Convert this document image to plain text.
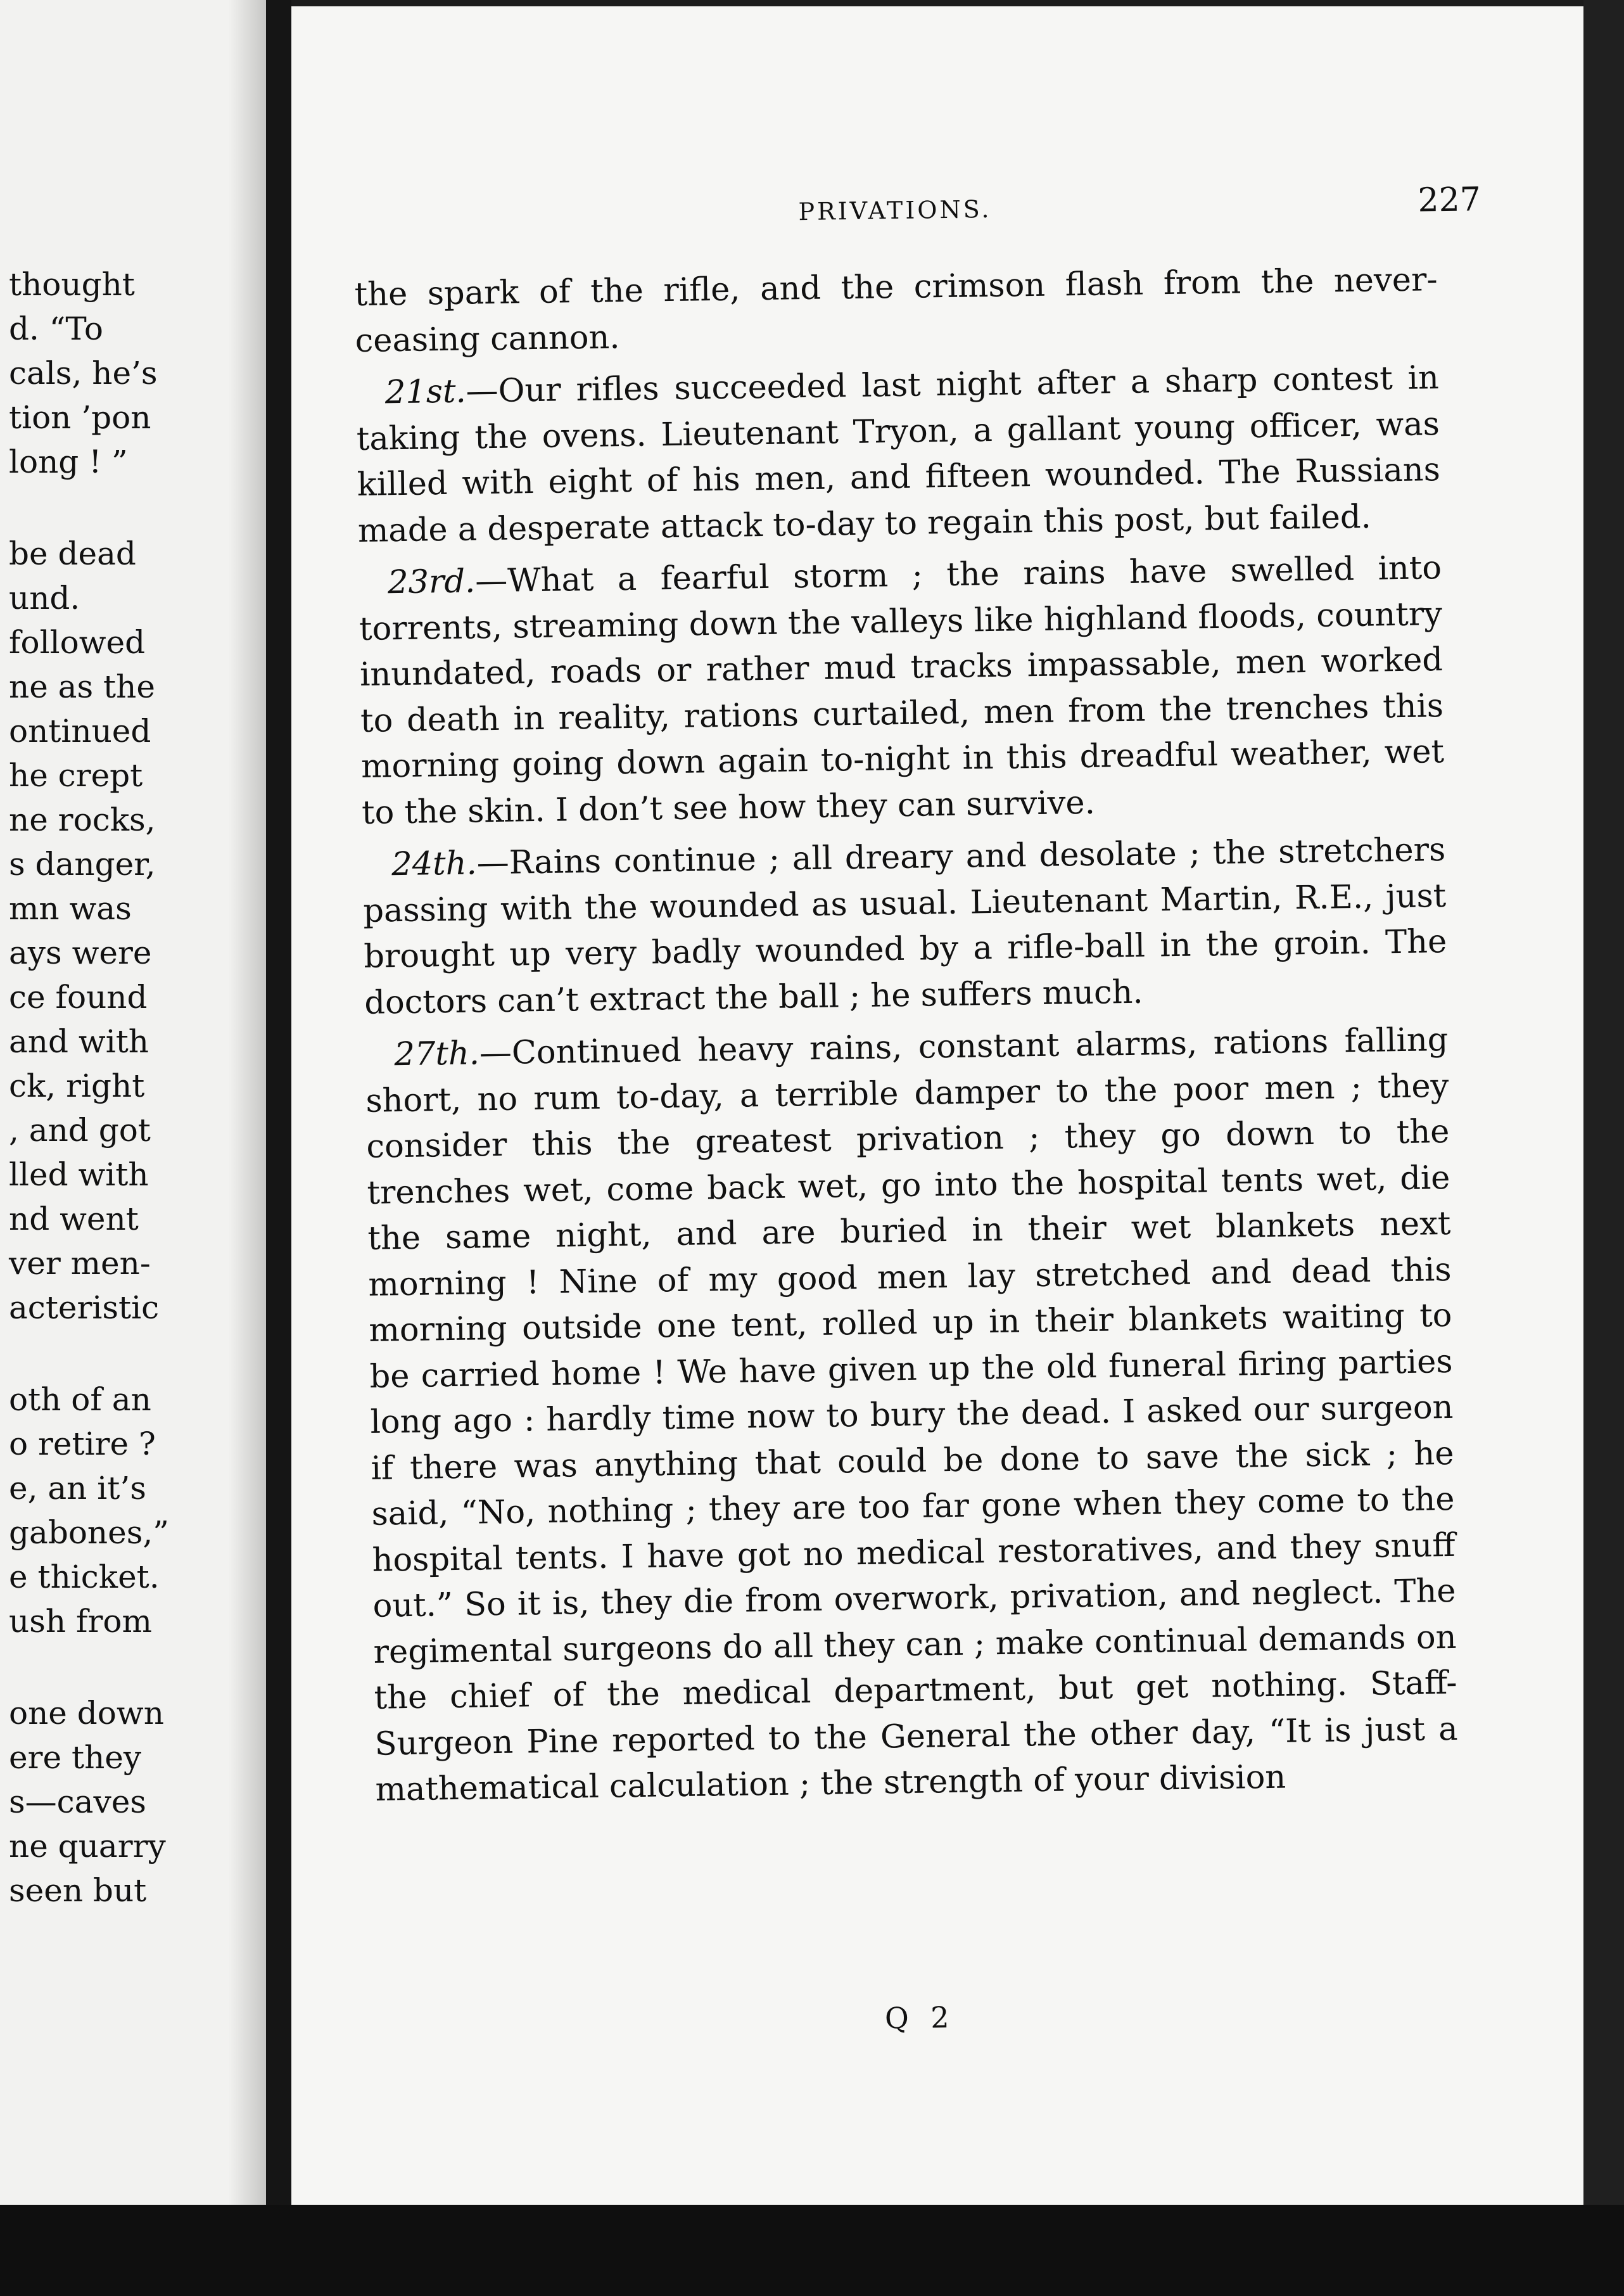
thought
d. “To
cals, he’s
tion ’pon
long ! ”
be dead
und.
followed
ne as the
ontinued
he crept
ne rocks,
s danger,
mn was
ays were
ce found
and with
ck, right
, and got
lled with
nd went
ver men-
acteristic
oth of an
o retire ?
e, an it’s
gabones,”
e thicket.
ush from
one down
ere they
s—caves
ne quarry
seen but
PRIVATIONS.	227

the spark of the rifle, and the crimson flash from the never-ceasing cannon.

21st.—Our rifles succeeded last night after a sharp contest in taking the ovens. Lieutenant Tryon, a gallant young officer, was killed with eight of his men, and fifteen wounded. The Russians made a desperate attack to-day to regain this post, but failed.

23rd.—What a fearful storm ; the rains have swelled into torrents, streaming down the valleys like highland floods, country inundated, roads or rather mud tracks impassable, men worked to death in reality, rations curtailed, men from the trenches this morning going down again to-night in this dreadful weather, wet to the skin. I don’t see how they can survive.

24th.—Rains continue ; all dreary and desolate ; the stretchers passing with the wounded as usual. Lieutenant Martin, R.E., just brought up very badly wounded by a rifle-ball in the groin. The doctors can’t extract the ball ; he suffers much.

27th.—Continued heavy rains, constant alarms, rations falling short, no rum to-day, a terrible damper to the poor men ; they consider this the greatest privation ; they go down to the trenches wet, come back wet, go into the hospital tents wet, die the same night, and are buried in their wet blankets next morning ! Nine of my good men lay stretched and dead this morning outside one tent, rolled up in their blankets waiting to be carried home ! We have given up the old funeral firing parties long ago : hardly time now to bury the dead. I asked our surgeon if there was anything that could be done to save the sick ; he said, “No, nothing ; they are too far gone when they come to the hospital tents. I have got no medical restoratives, and they snuff out.” So it is, they die from overwork, privation, and neglect. The regimental surgeons do all they can ; make continual demands on the chief of the medical department, but get nothing. Staff-Surgeon Pine reported to the General the other day, “It is just a mathematical calculation ; the strength of your division

Q 2
